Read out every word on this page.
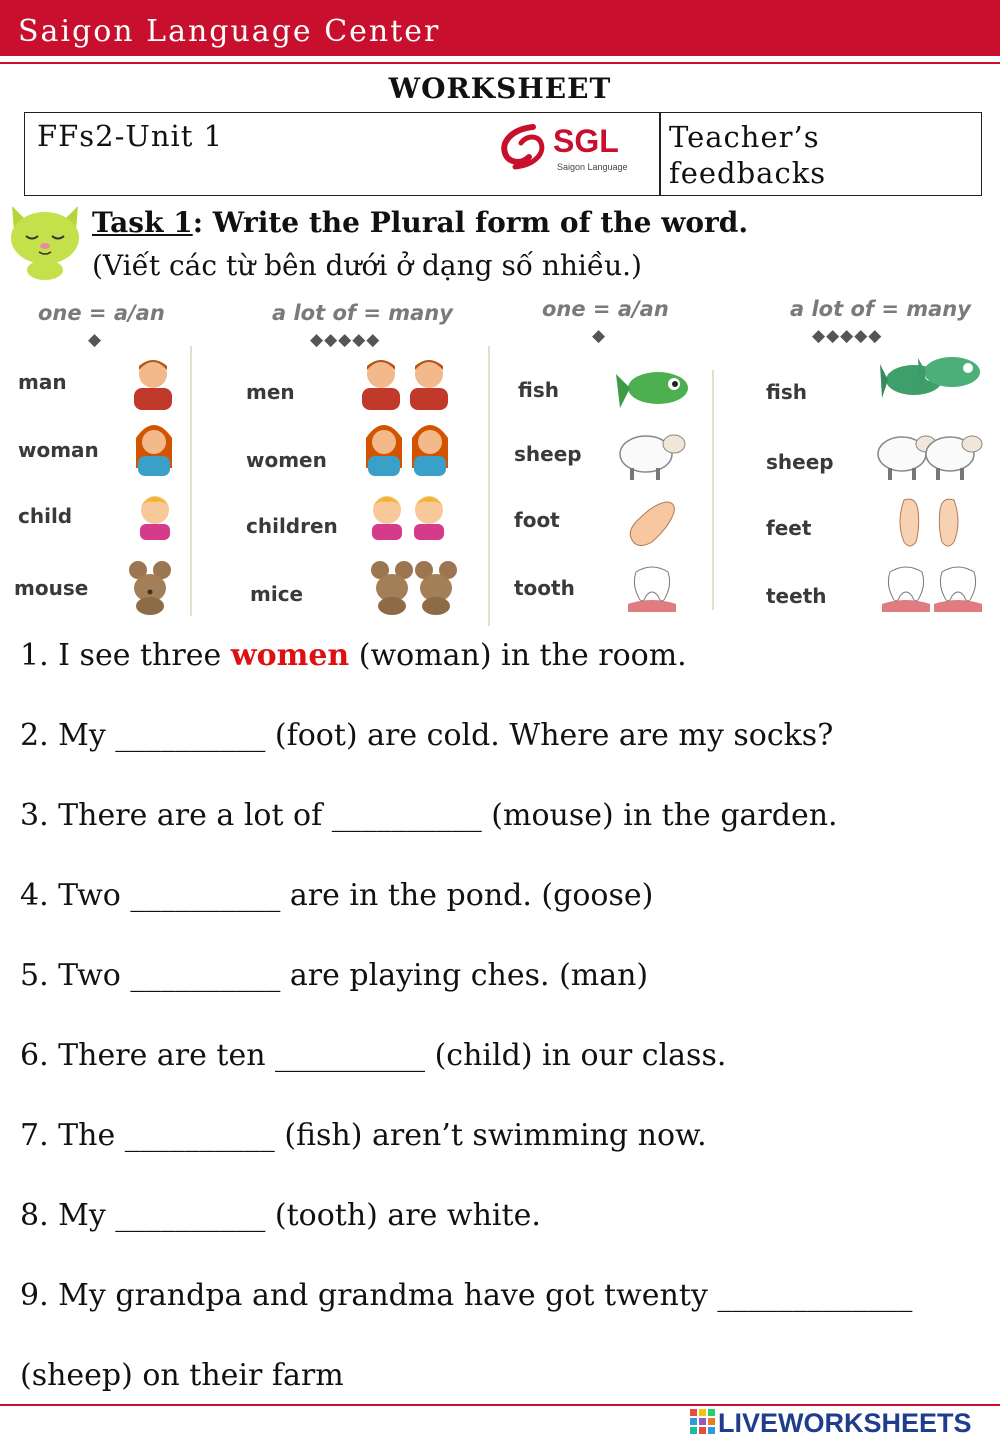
Saigon Language Center
WORKSHEET
FFs2-Unit 1	SGL
Saigon Language
Teacher’s
feedbacks
Task 1: Write the Plural form of the word.
(Viết các từ bên dưới ở dạng số nhiều.)
one = a/an
◆
a lot of = many
◆◆◆◆◆
one = a/an
◆
a lot of = many
◆◆◆◆◆
man
woman
child
mouse
men
women
children
mice
fish
sheep
foot
tooth
fish
sheep
feet
teeth
1. I see three women (woman) in the room.
2. My __________ (foot) are cold. Where are my socks?
3. There are a lot of __________ (mouse) in the garden.
4. Two __________ are in the pond. (goose)
5. Two __________ are playing ches. (man)
6. There are ten __________ (child) in our class.
7. The __________ (fish) aren’t swimming now.
8. My __________ (tooth) are white.
9. My grandpa and grandma have got twenty _____________
(sheep) on their farm
LIVEWORKSHEETS
